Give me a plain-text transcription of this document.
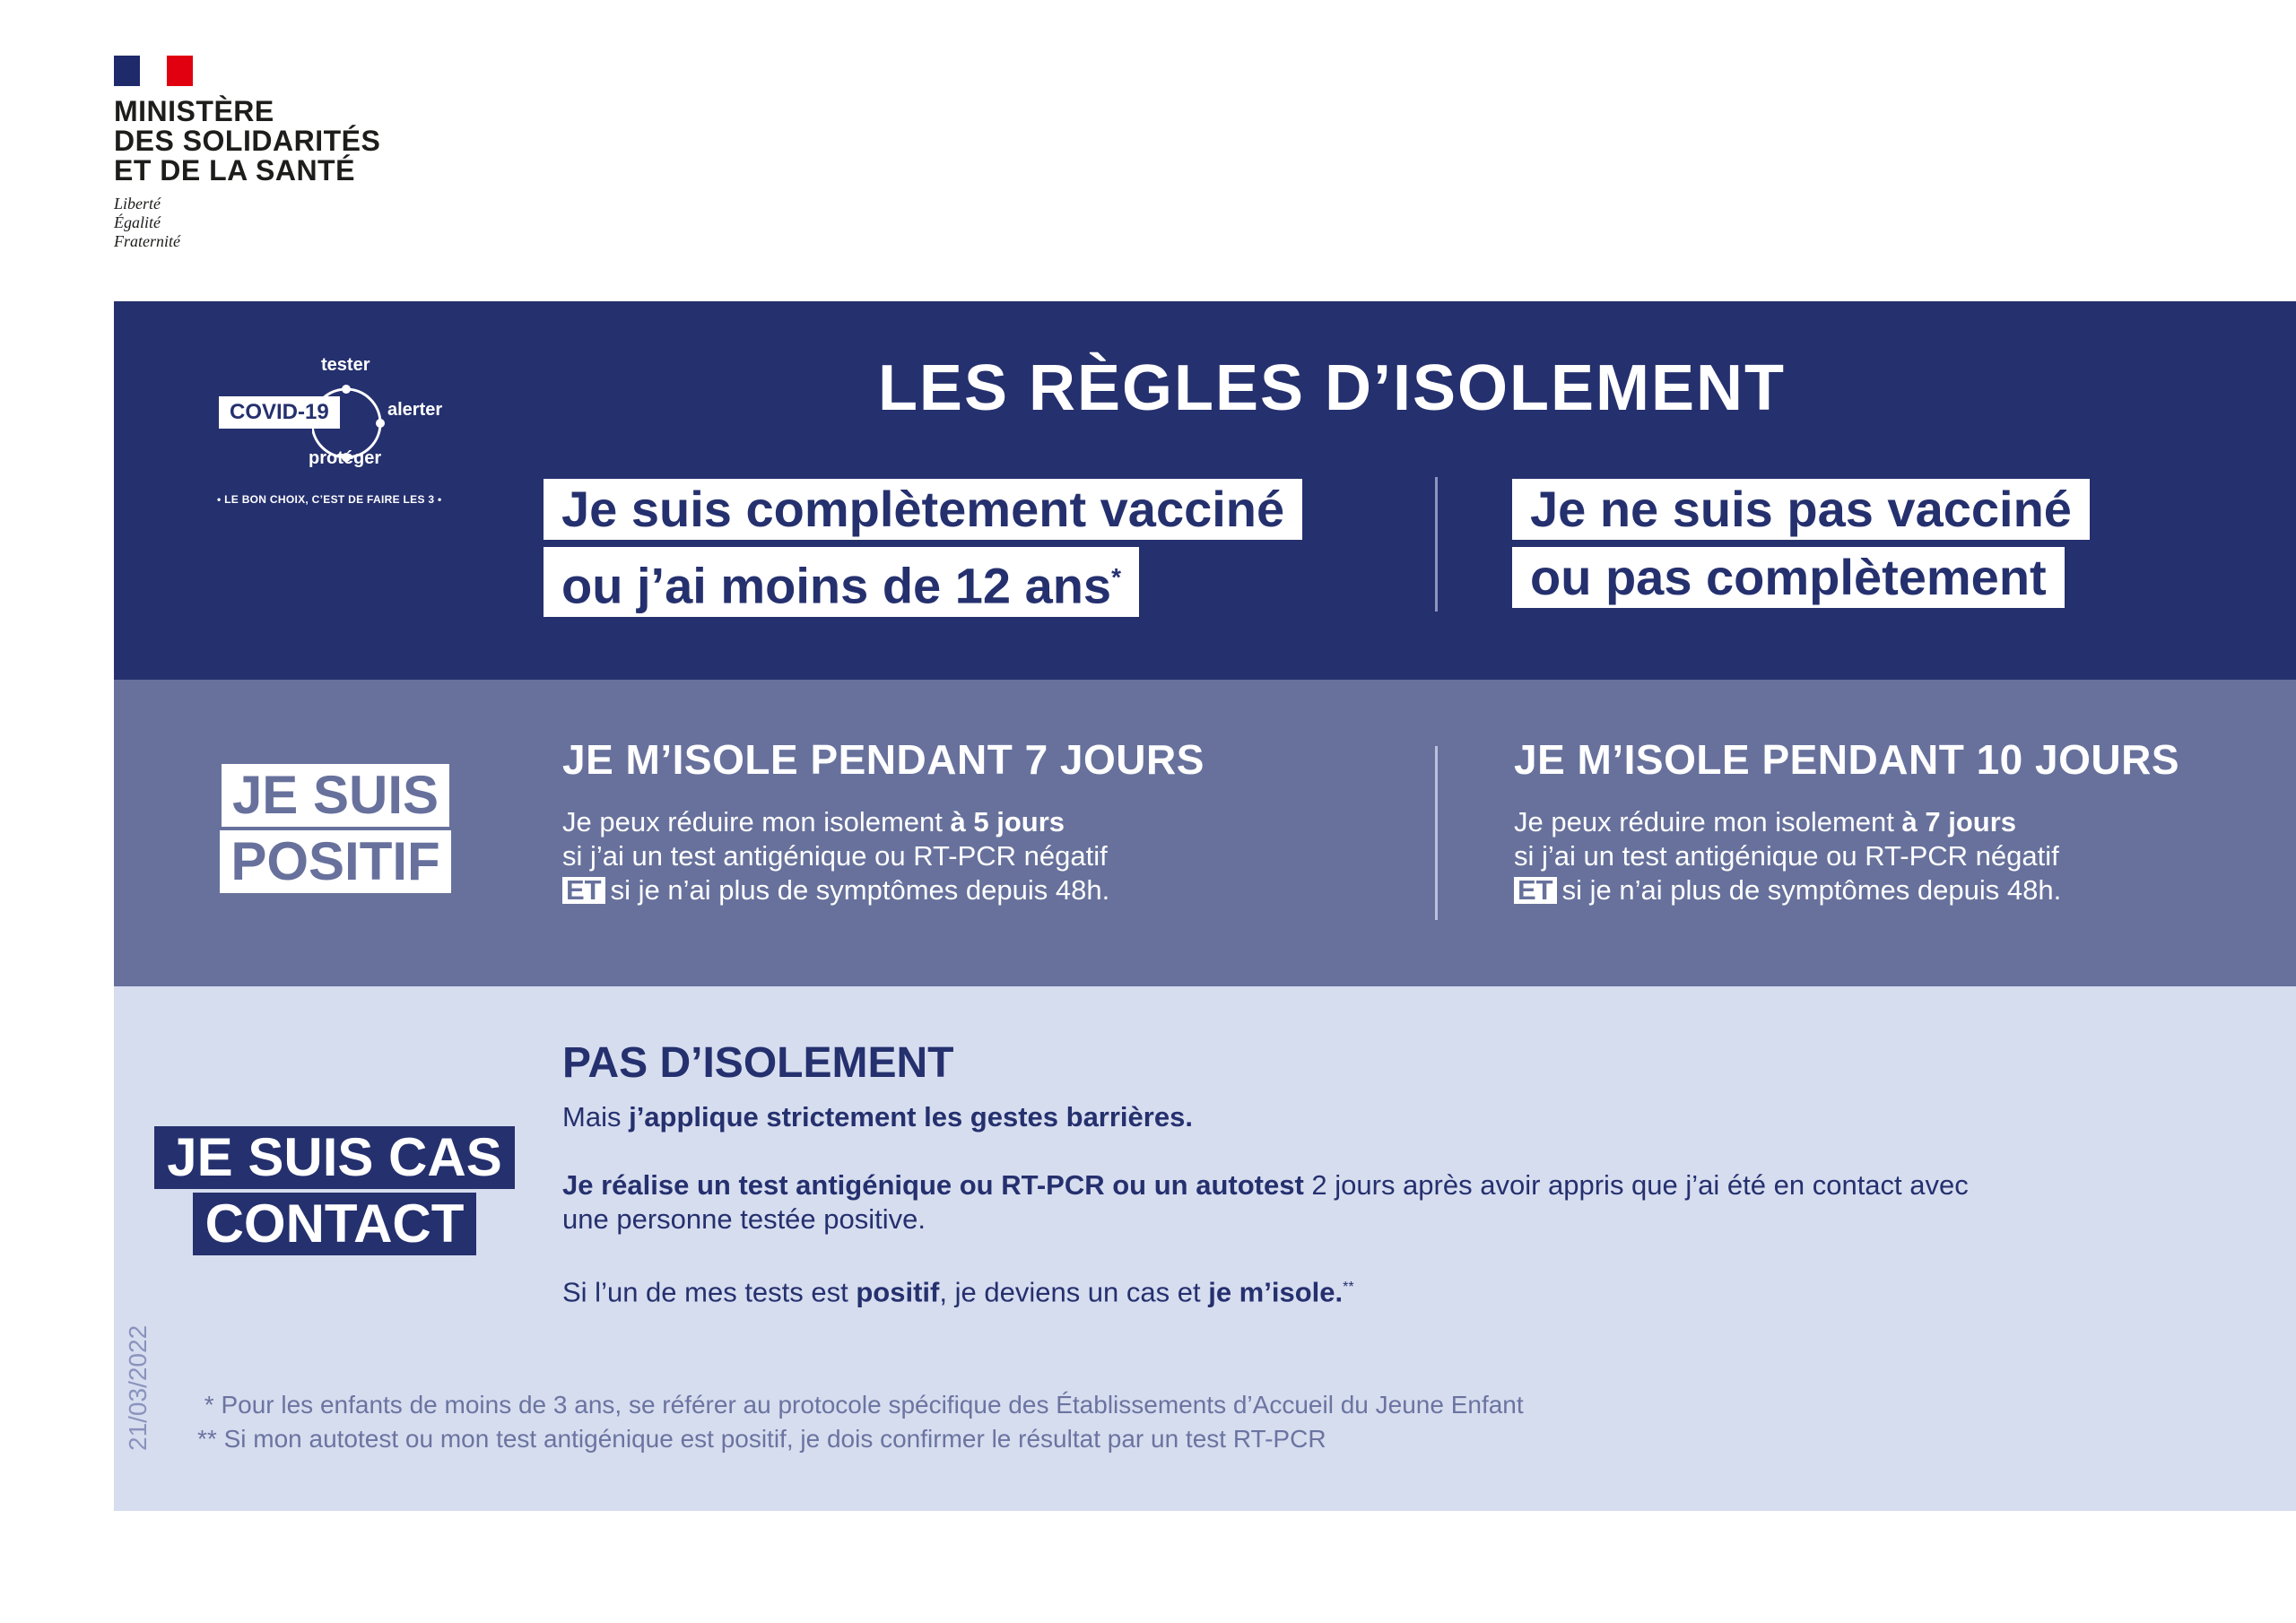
MINISTÈRE
DES SOLIDARITÉS
ET DE LA SANTÉ
Liberté
Égalité
Fraternité
tester
alerter
protéger
COVID-19
• LE BON CHOIX, C’EST DE FAIRE LES 3 •
LES RÈGLES D’ISOLEMENT
Je suis complètement vacciné
ou j’ai moins de 12 ans*
Je ne suis pas vacciné
ou pas complètement
JE SUIS
POSITIF
JE M’ISOLE PENDANT 7 JOURS
Je peux réduire mon isolement à 5 jours
si j’ai un test antigénique ou RT-PCR négatif
ET si je n’ai plus de symptômes depuis 48h.
JE M’ISOLE PENDANT 10 JOURS
Je peux réduire mon isolement à 7 jours
si j’ai un test antigénique ou RT-PCR négatif
ET si je n’ai plus de symptômes depuis 48h.
JE SUIS CAS
CONTACT
PAS D’ISOLEMENT

Mais j’applique strictement les gestes barrières.

Je réalise un test antigénique ou RT-PCR ou un autotest 2 jours après avoir appris que j’ai été en contact avec
une personne testée positive.

Si l’un de mes tests est positif, je deviens un cas et je m’isole.**

21/03/2022 * Pour les enfants de moins de 3 ans, se référer au protocole spécifique des Établissements d’Accueil du Jeune Enfant
** Si mon autotest ou mon test antigénique est positif, je dois confirmer le résultat par un test RT-PCR
